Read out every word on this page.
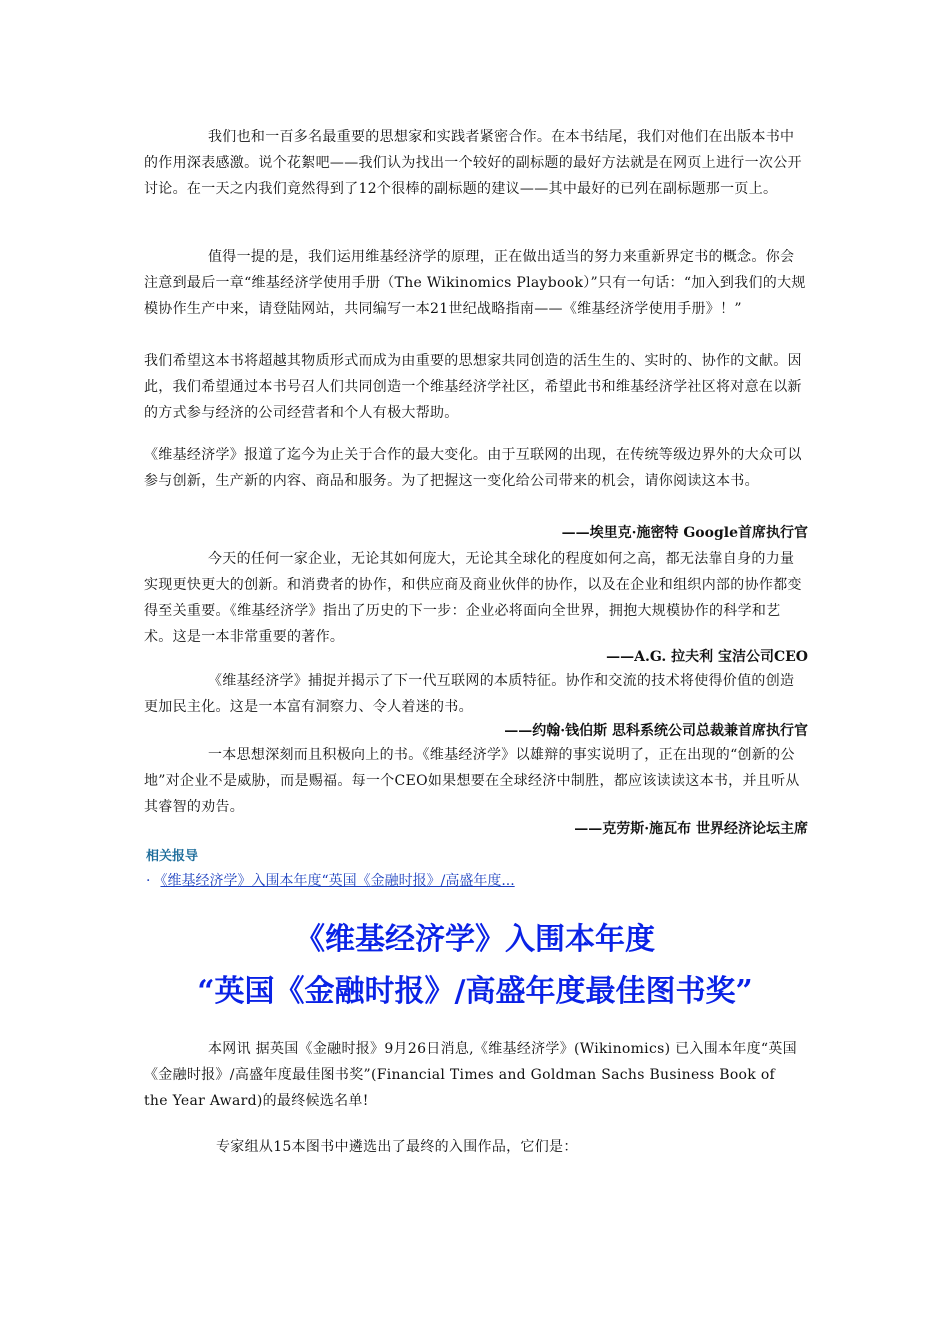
我们也和一百多名最重要的思想家和实践者紧密合作。在本书结尾，我们对他们在出版本书中的作用深表感激。说个花絮吧——我们认为找出一个较好的副标题的最好方法就是在网页上进行一次公开讨论。在一天之内我们竟然得到了12个很棒的副标题的建议——其中最好的已列在副标题那一页上。

值得一提的是，我们运用维基经济学的原理，正在做出适当的努力来重新界定书的概念。你会注意到最后一章“维基经济学使用手册（The Wikinomics Playbook）”只有一句话：“加入到我们的大规模协作生产中来，请登陆网站，共同编写一本21世纪战略指南——《维基经济学使用手册》！”

我们希望这本书将超越其物质形式而成为由重要的思想家共同创造的活生生的、实时的、协作的文献。因此，我们希望通过本书号召人们共同创造一个维基经济学社区，希望此书和维基经济学社区将对意在以新的方式参与经济的公司经营者和个人有极大帮助。

《维基经济学》报道了迄今为止关于合作的最大变化。由于互联网的出现，在传统等级边界外的大众可以参与创新，生产新的内容、商品和服务。为了把握这一变化给公司带来的机会，请你阅读这本书。

——埃里克·施密特 Google首席执行官

今天的任何一家企业，无论其如何庞大，无论其全球化的程度如何之高，都无法靠自身的力量实现更快更大的创新。和消费者的协作，和供应商及商业伙伴的协作，以及在企业和组织内部的协作都变得至关重要。《维基经济学》指出了历史的下一步：企业必将面向全世界，拥抱大规模协作的科学和艺术。这是一本非常重要的著作。

——A.G. 拉夫利 宝洁公司CEO

《维基经济学》捕捉并揭示了下一代互联网的本质特征。协作和交流的技术将使得价值的创造更加民主化。这是一本富有洞察力、令人着迷的书。

——约翰·钱伯斯 思科系统公司总裁兼首席执行官

一本思想深刻而且积极向上的书。《维基经济学》以雄辩的事实说明了，正在出现的“创新的公地”对企业不是威胁，而是赐福。每一个CEO如果想要在全球经济中制胜，都应该读读这本书，并且听从其睿智的劝告。

——克劳斯·施瓦布 世界经济论坛主席

相关报导
· 《维基经济学》入围本年度“英国《金融时报》/高盛年度...
《维基经济学》入围本年度
“英国《金融时报》/高盛年度最佳图书奖”

本网讯 据英国《金融时报》9月26日消息,《维基经济学》(Wikinomics) 已入围本年度“英国《金融时报》/高盛年度最佳图书奖”(Financial Times and Goldman Sachs Business Book of the Year Award)的最终候选名单!

专家组从15本图书中遴选出了最终的入围作品，它们是：
